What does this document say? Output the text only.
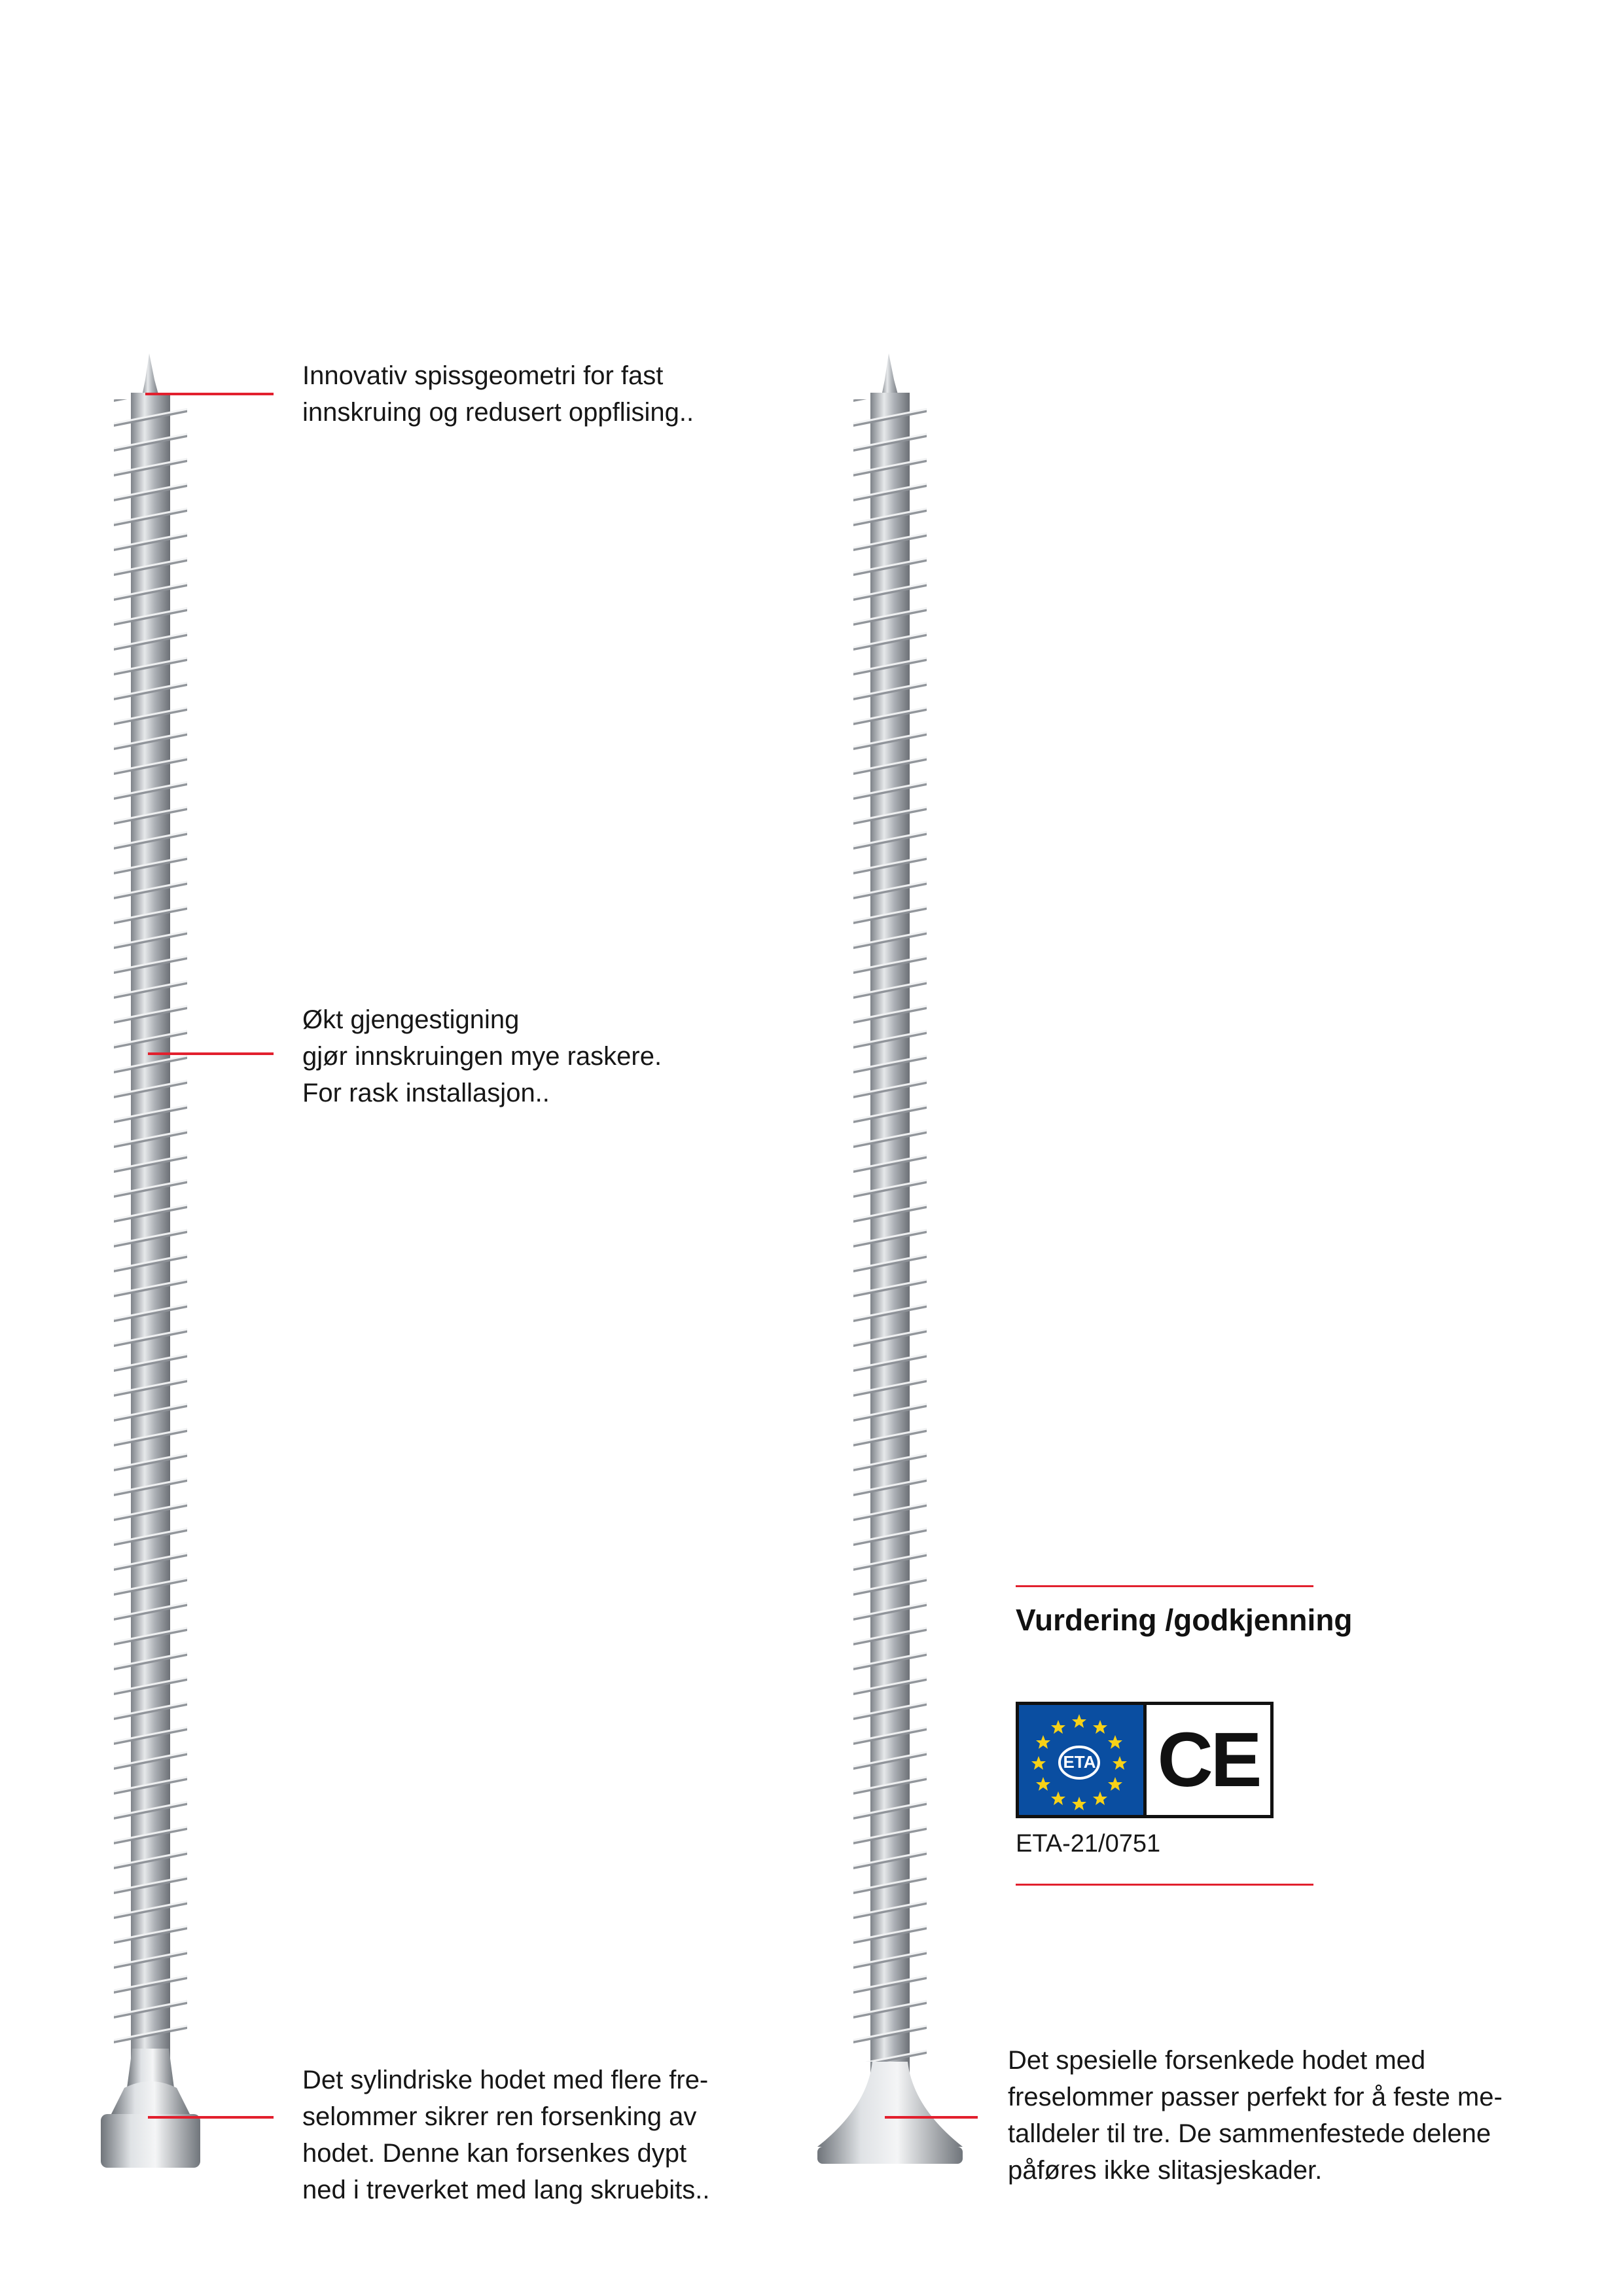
Innovativ spissgeometri for fast
innskruing og redusert oppflising..
Økt gjengestigning
gjør innskruingen mye raskere.
For rask installasjon..
Det sylindriske hodet med flere fre-
selommer sikrer ren forsenking av
hodet. Denne kan forsenkes dypt
ned i treverket med lang skruebits..
Det spesielle forsenkede hodet med
freselommer passer perfekt for å feste me-
talldeler til tre. De sammenfestede delene
påføres ikke slitasjeskader.
Vurdering /godkjenning
ETA CE
ETA-21/0751
